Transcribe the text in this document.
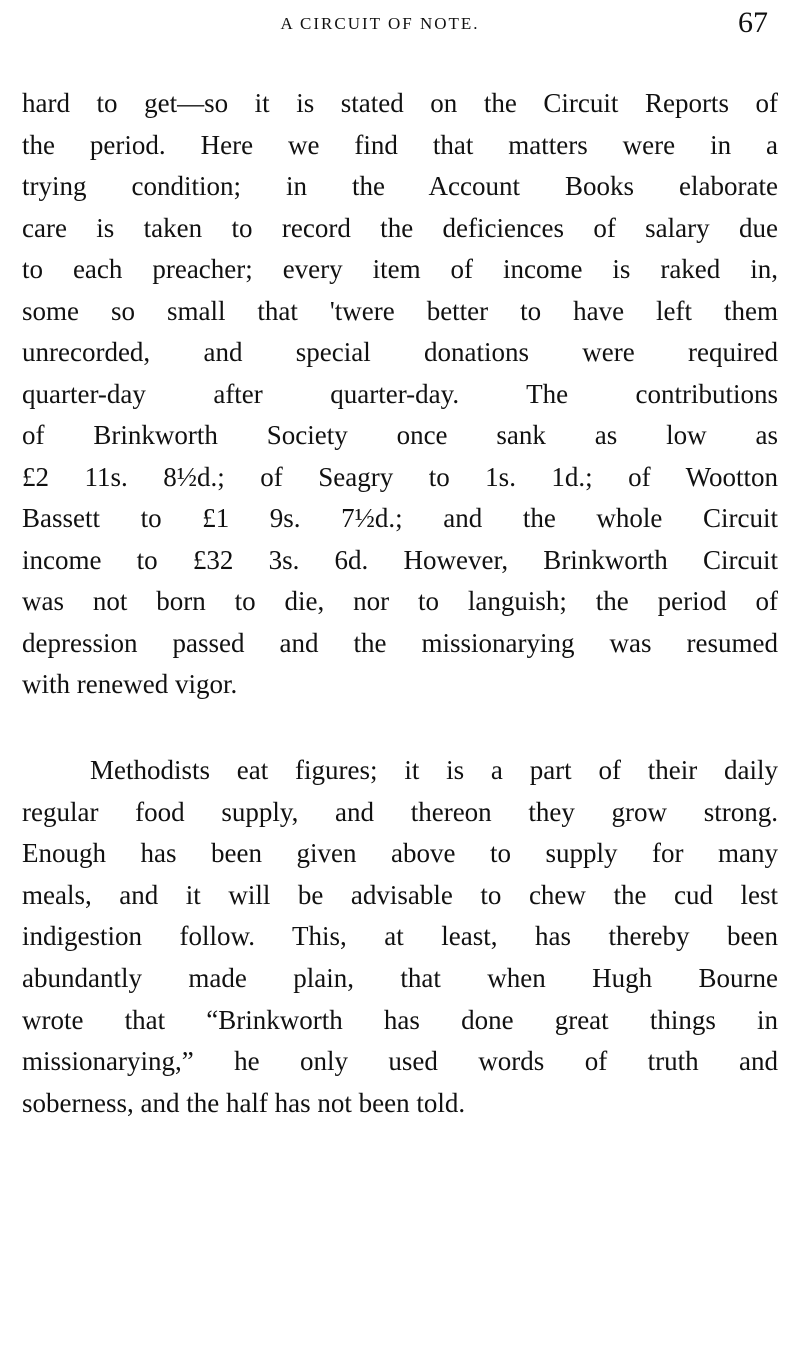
A CIRCUIT OF NOTE.	67
hard to get—so it is stated on the Circuit Reports of
the period. Here we find that matters were in a
trying condition; in the Account Books elaborate
care is taken to record the deficiences of salary due
to each preacher; every item of income is raked in,
some so small that 'twere better to have left them
unrecorded, and special donations were required
quarter-day after quarter-day. The contributions
of Brinkworth Society once sank as low as
£2 11s. 8½d.; of Seagry to 1s. 1d.; of Wootton
Bassett to £1 9s. 7½d.; and the whole Circuit
income to £32 3s. 6d. However, Brinkworth Circuit
was not born to die, nor to languish; the period of
depression passed and the missionarying was resumed
with renewed vigor.
Methodists eat figures; it is a part of their daily
regular food supply, and thereon they grow strong.
Enough has been given above to supply for many
meals, and it will be advisable to chew the cud lest
indigestion follow. This, at least, has thereby been
abundantly made plain, that when Hugh Bourne
wrote that “Brinkworth has done great things in
missionarying,” he only used words of truth and
soberness, and the half has not been told.
